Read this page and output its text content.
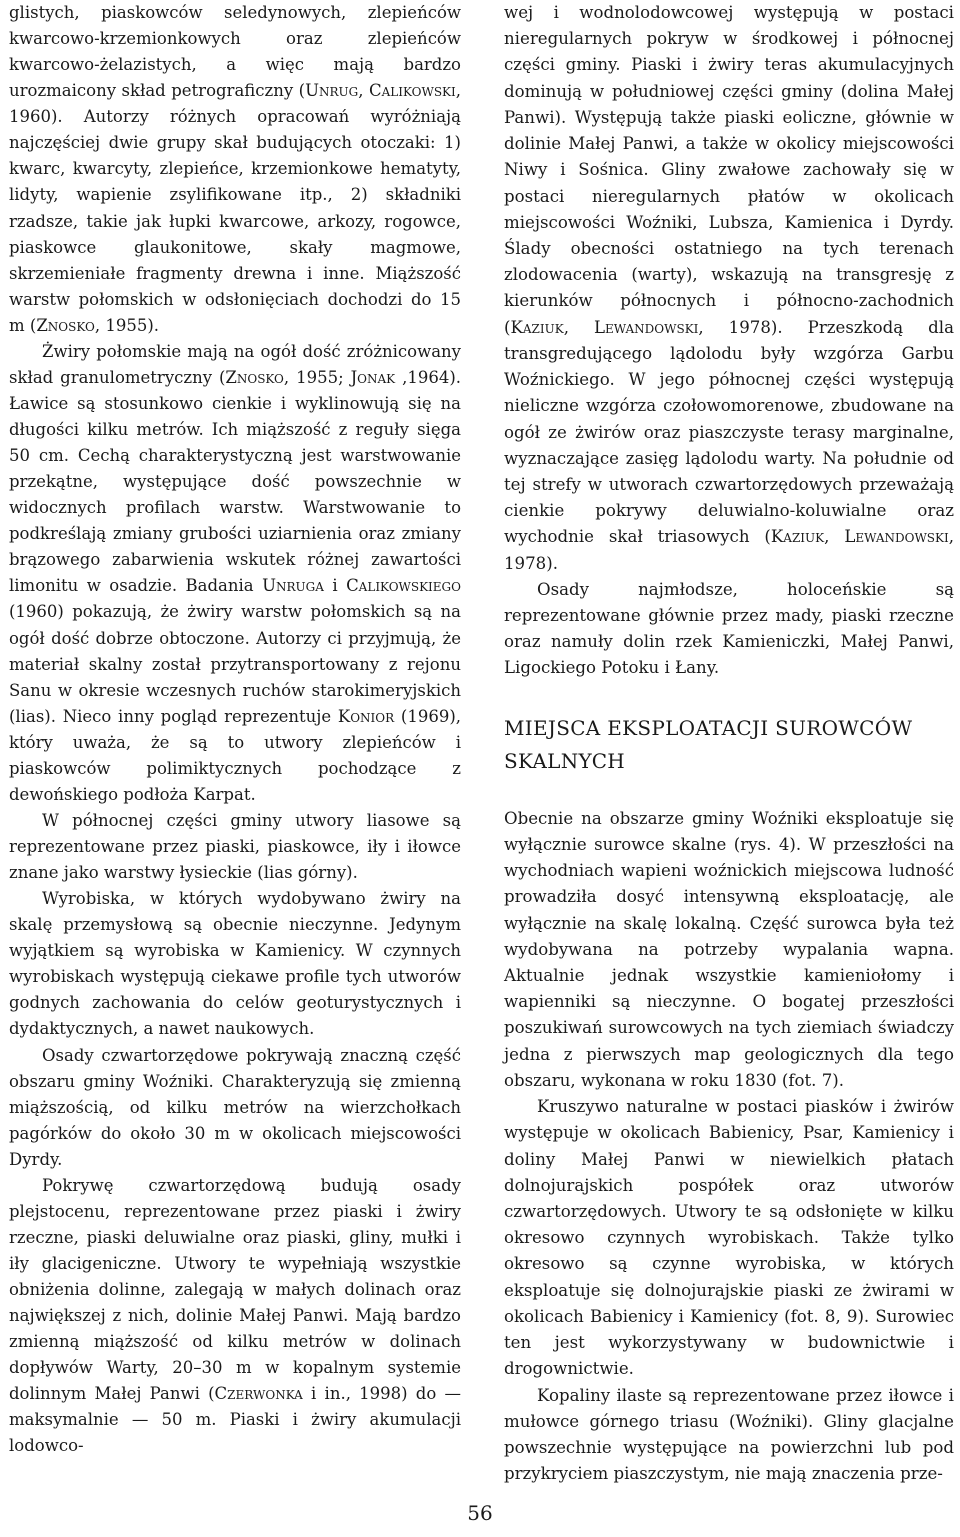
glistych, piaskowców seledynowych, zlepieńców kwarcowo-krzemionkowych oraz zlepieńców kwarcowo-żelazistych, a więc mają bardzo urozmaicony skład petrograficzny (Unrug, Calikowski, 1960). Autorzy różnych opracowań wyróżniają najczęściej dwie grupy skał budujących otoczaki: 1) kwarc, kwarcyty, zlepieńce, krzemionkowe hematyty, lidyty, wapienie zsylifikowane itp., 2) składniki rzadsze, takie jak łupki kwarcowe, arkozy, rogowce, piaskowce glaukonitowe, skały magmowe, skrzemieniałe fragmenty drewna i inne. Miąższość warstw połomskich w odsłonięciach dochodzi do 15 m (Znosko, 1955).

Żwiry połomskie mają na ogół dość zróżnicowany skład granulometryczny (Znosko, 1955; Jonak ,1964). Ławice są stosunkowo cienkie i wyklinowują się na długości kilku metrów. Ich miąższość z reguły sięga 50 cm. Cechą charakterystyczną jest warstwowanie przekątne, występujące dość powszechnie w widocznych profilach warstw. Warstwowanie to podkreślają zmiany grubości uziarnienia oraz zmiany brązowego zabarwienia wskutek różnej zawartości limonitu w osadzie. Badania Unruga i Calikowskiego (1960) pokazują, że żwiry warstw połomskich są na ogół dość dobrze obtoczone. Autorzy ci przyjmują, że materiał skalny został przytransportowany z rejonu Sanu w okresie wczesnych ruchów starokimeryjskich (lias). Nieco inny pogląd reprezentuje Konior (1969), który uważa, że są to utwory zlepieńców i piaskowców polimiktycznych pochodzące z dewońskiego podłoża Karpat.

W północnej części gminy utwory liasowe są reprezentowane przez piaski, piaskowce, iły i iłowce znane jako warstwy łysieckie (lias górny).

Wyrobiska, w których wydobywano żwiry na skalę przemysłową są obecnie nieczynne. Jedynym wyjątkiem są wyrobiska w Kamienicy. W czynnych wyrobiskach występują ciekawe profile tych utworów godnych zachowania do celów geoturystycznych i dydaktycznych, a nawet naukowych.

Osady czwartorzędowe pokrywają znaczną część obszaru gminy Woźniki. Charakteryzują się zmienną miąższością, od kilku metrów na wierzchołkach pagórków do około 30 m w okolicach miejscowości Dyrdy.

Pokrywę czwartorzędową budują osady plejstocenu, reprezentowane przez piaski i żwiry rzeczne, piaski deluwialne oraz piaski, gliny, mułki i iły glacigeniczne. Utwory te wypełniają wszystkie obniżenia dolinne, zalegają w małych dolinach oraz największej z nich, dolinie Małej Panwi. Mają bardzo zmienną miąższość od kilku metrów w dolinach dopływów Warty, 20–30 m w kopalnym systemie dolinnym Małej Panwi (Czerwonka i in., 1998) do — maksymalnie — 50 m. Piaski i żwiry akumulacji lodowco-

wej i wodnolodowcowej występują w postaci nieregularnych pokryw w środkowej i północnej części gminy. Piaski i żwiry teras akumulacyjnych dominują w południowej części gminy (dolina Małej Panwi). Występują także piaski eoliczne, głównie w dolinie Małej Panwi, a także w okolicy miejscowości Niwy i Sośnica. Gliny zwałowe zachowały się w postaci nieregularnych płatów w okolicach miejscowości Woźniki, Lubsza, Kamienica i Dyrdy. Ślady obecności ostatniego na tych terenach zlodowacenia (warty), wskazują na transgresję z kierunków północnych i północno-zachodnich (Kaziuk, Lewandowski, 1978). Przeszkodą dla transgredującego lądolodu były wzgórza Garbu Woźnickiego. W jego północnej części występują nieliczne wzgórza czołowomorenowe, zbudowane na ogół ze żwirów oraz piaszczyste terasy marginalne, wyznaczające zasięg lądolodu warty. Na południe od tej strefy w utworach czwartorzędowych przeważają cienkie pokrywy deluwialno-koluwialne oraz wychodnie skał triasowych (Kaziuk, Lewandowski, 1978).

Osady najmłodsze, holoceńskie są reprezentowane głównie przez mady, piaski rzeczne oraz namuły dolin rzek Kamieniczki, Małej Panwi, Ligockiego Potoku i Łany.

MIEJSCA EKSPLOATACJI SUROWCÓW SKALNYCH

Obecnie na obszarze gminy Woźniki eksploatuje się wyłącznie surowce skalne (rys. 4). W przeszłości na wychodniach wapieni woźnickich miejscowa ludność prowadziła dosyć intensywną eksploatację, ale wyłącznie na skalę lokalną. Część surowca była też wydobywana na potrzeby wypalania wapna. Aktualnie jednak wszystkie kamieniołomy i wapienniki są nieczynne. O bogatej przeszłości poszukiwań surowcowych na tych ziemiach świadczy jedna z pierwszych map geologicznych dla tego obszaru, wykonana w roku 1830 (fot. 7).

Kruszywo naturalne w postaci piasków i żwirów występuje w okolicach Babienicy, Psar, Kamienicy i doliny Małej Panwi w niewielkich płatach dolnojurajskich pospółek oraz utworów czwartorzędowych. Utwory te są odsłonięte w kilku okresowo czynnych wyrobiskach. Także tylko okresowo są czynne wyrobiska, w których eksploatuje się dolnojurajskie piaski ze żwirami w okolicach Babienicy i Kamienicy (fot. 8, 9). Surowiec ten jest wykorzystywany w budownictwie i drogownictwie.

Kopaliny ilaste są reprezentowane przez iłowce i mułowce górnego triasu (Woźniki). Gliny glacjalne powszechnie występujące na powierzchni lub pod przykryciem piaszczystym, nie mają znaczenia prze-

56
